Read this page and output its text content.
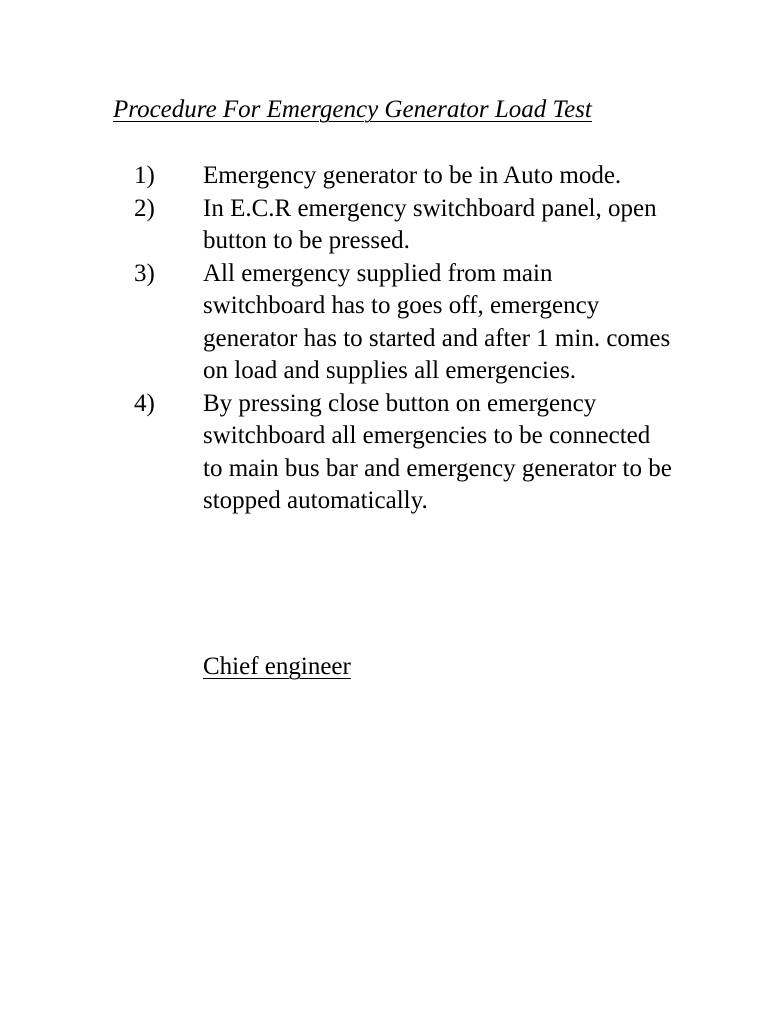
Procedure For Emergency Generator Load Test
1) Emergency generator to be in Auto mode.
2) In E.C.R emergency switchboard panel, open button to be pressed.
3) All emergency supplied from main switchboard has to goes off, emergency generator has to started and after 1 min. comes on load and supplies all emergencies.
4) By pressing close button on emergency switchboard all emergencies to be connected to main bus bar and emergency generator to be stopped automatically.

Chief engineer
